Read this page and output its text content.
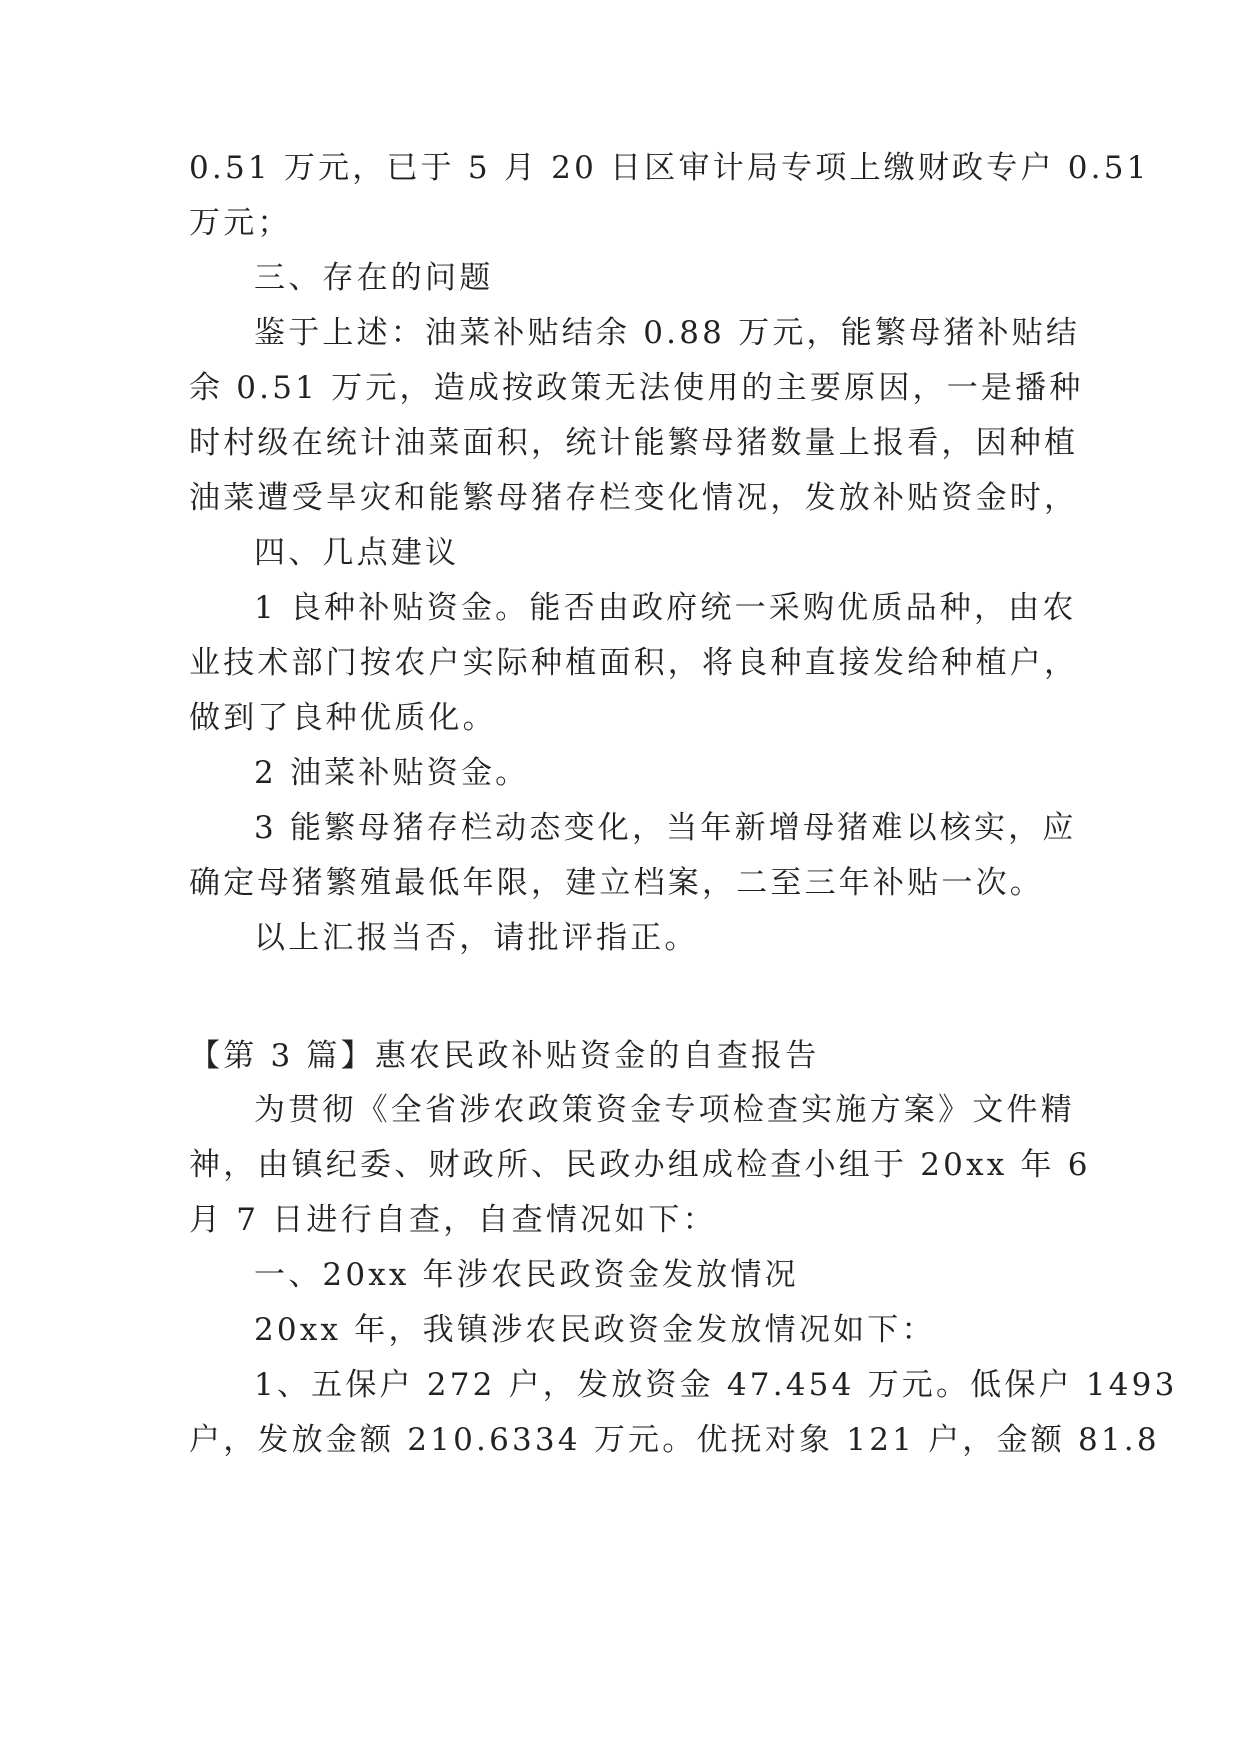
0.51 万元，已于 5 月 20 日区审计局专项上缴财政专户 0.51
万元；
三、存在的问题
鉴于上述：油菜补贴结余 0.88 万元，能繁母猪补贴结
余 0.51 万元，造成按政策无法使用的主要原因，一是播种
时村级在统计油菜面积，统计能繁母猪数量上报看，因种植
油菜遭受旱灾和能繁母猪存栏变化情况，发放补贴资金时，
四、几点建议
1 良种补贴资金。能否由政府统一采购优质品种，由农
业技术部门按农户实际种植面积，将良种直接发给种植户，
做到了良种优质化。
2 油菜补贴资金。
3 能繁母猪存栏动态变化，当年新增母猪难以核实，应
确定母猪繁殖最低年限，建立档案，二至三年补贴一次。
以上汇报当否，请批评指正。
【第 3 篇】惠农民政补贴资金的自查报告
为贯彻《全省涉农政策资金专项检查实施方案》文件精
神，由镇纪委、财政所、民政办组成检查小组于 20xx 年 6
月 7 日进行自查，自查情况如下：
一、20xx 年涉农民政资金发放情况
20xx 年，我镇涉农民政资金发放情况如下：
1、五保户 272 户，发放资金 47.454 万元。低保户 1493
户，发放金额 210.6334 万元。优抚对象 121 户，金额 81.8
